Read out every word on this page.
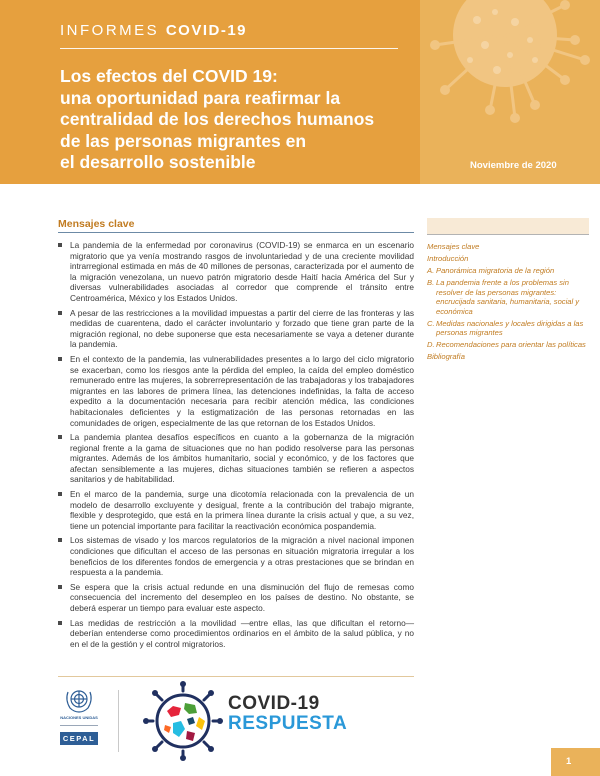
INFORMES COVID-19
Los efectos del COVID 19:
una oportunidad para reafirmar la
centralidad de los derechos humanos
de las personas migrantes en
el desarrollo sostenible	Noviembre de 2020
Mensajes clave
La pandemia de la enfermedad por coronavirus (COVID-19) se enmarca en un escenario migratorio que ya venía mostrando rasgos de involuntariedad y de una creciente movilidad intrarregional estimada en más de 40 millones de personas, caracterizada por el aumento de la migración venezolana, un nuevo patrón migratorio desde Haití hacia América del Sur y diversas vulnerabilidades asociadas al corredor que comprende el tránsito entre Centroamérica, México y los Estados Unidos.
A pesar de las restricciones a la movilidad impuestas a partir del cierre de las fronteras y las medidas de cuarentena, dado el carácter involuntario y forzado que tiene gran parte de la migración regional, no debe suponerse que esta necesariamente se vaya a detener durante la pandemia.
En el contexto de la pandemia, las vulnerabilidades presentes a lo largo del ciclo migratorio se exacerban, como los riesgos ante la pérdida del empleo, la caída del empleo doméstico remunerado entre las mujeres, la sobrerrepresentación de las trabajadoras y los trabajadores migrantes en las labores de primera línea, las detenciones indefinidas, la falta de acceso expedito a la documentación necesaria para recibir atención médica, las condiciones habitacionales deficientes y la estigmatización de las personas retornadas en las comunidades de origen, especialmente de las que retornan de los Estados Unidos.
La pandemia plantea desafíos específicos en cuanto a la gobernanza de la migración regional frente a la gama de situaciones que no han podido resolverse para las personas migrantes. Además de los ámbitos humanitario, social y económico, y de los factores que afectan sensiblemente a las mujeres, dichas situaciones también se refieren a aspectos sanitarios y de habitabilidad.
En el marco de la pandemia, surge una dicotomía relacionada con la prevalencia de un modelo de desarrollo excluyente y desigual, frente a la contribución del trabajo migrante, flexible y desprotegido, que está en la primera línea durante la crisis actual y que, a su vez, tiene un potencial importante para facilitar la reactivación económica pospandemia.
Los sistemas de visado y los marcos regulatorios de la migración a nivel nacional imponen condiciones que dificultan el acceso de las personas en situación migratoria irregular a los beneficios de los diferentes fondos de emergencia y a otras prestaciones que se brindan en respuesta a la pandemia.
Se espera que la crisis actual redunde en una disminución del flujo de remesas como consecuencia del incremento del desempleo en los países de destino. No obstante, se deberá esperar un tiempo para evaluar este aspecto.
Las medidas de restricción a la movilidad —entre ellas, las que dificultan el retorno— deberían entenderse como procedimientos ordinarios en el ámbito de la salud pública, y no en el de la gestión y el control migratorios.
Mensajes clave
Introducción
A. Panorámica migratoria de la región
B. La pandemia frente a los problemas sin resolver de las personas migrantes: encrucijada sanitaria, humanitaria, social y económica
C. Medidas nacionales y locales dirigidas a las personas migrantes
D. Recomendaciones para orientar las políticas
Bibliografía
NACIONES UNIDAS
CEPAL
COVID-19
RESPUESTA
1
